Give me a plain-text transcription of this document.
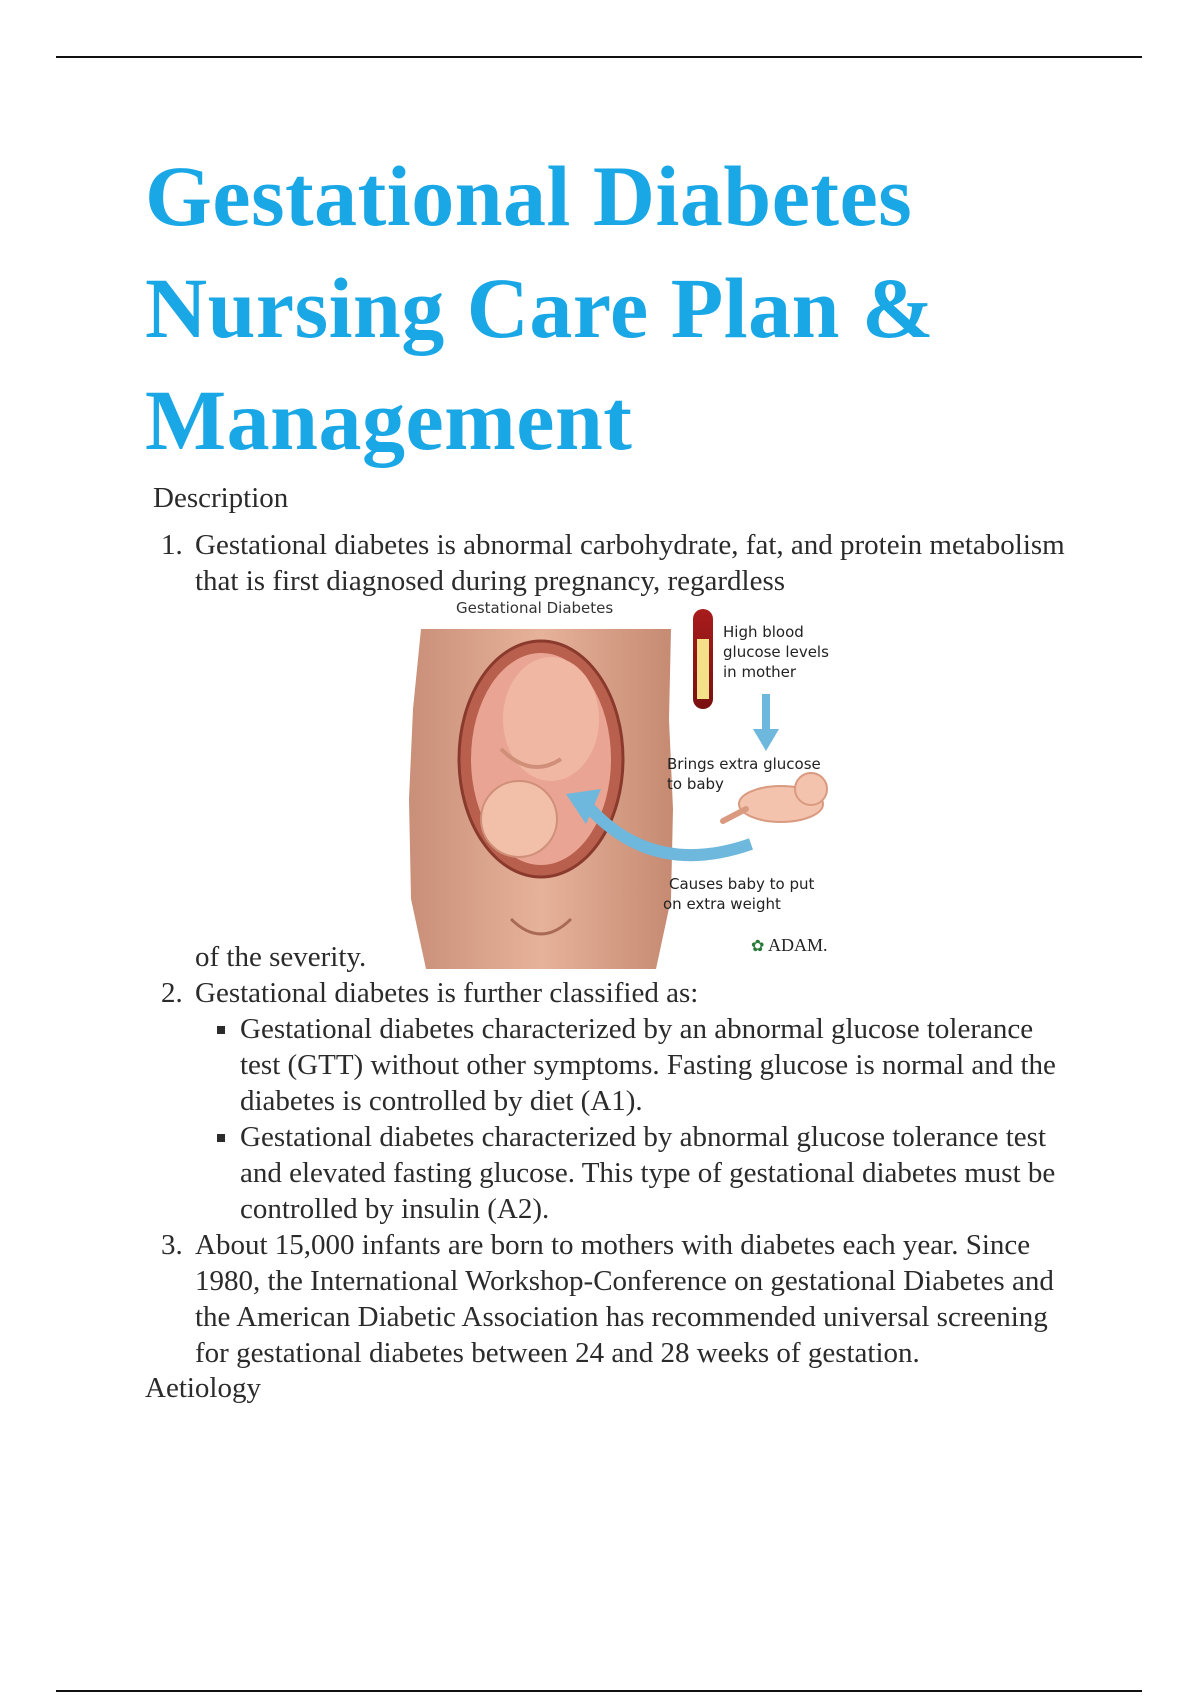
Gestational Diabetes Nursing Care Plan & Management
Description
1. Gestational diabetes is abnormal carbohydrate, fat, and protein metabolism that is first diagnosed during pregnancy, regardless
of the severity.
Gestational Diabetes
High blood
glucose levels
in mother
Brings extra glucose
to baby
Causes baby to put
on extra weight
✿ ADAM.
2. Gestational diabetes is further classified as:
▪ Gestational diabetes characterized by an abnormal glucose tolerance test (GTT) without other symptoms. Fasting glucose is normal and the diabetes is controlled by diet (A1).
▪ Gestational diabetes characterized by abnormal glucose tolerance test and elevated fasting glucose. This type of gestational diabetes must be controlled by insulin (A2).
3. About 15,000 infants are born to mothers with diabetes each year. Since 1980, the International Workshop-Conference on gestational Diabetes and the American Diabetic Association has recommended universal screening for gestational diabetes between 24 and 28 weeks of gestation.
Aetiology
